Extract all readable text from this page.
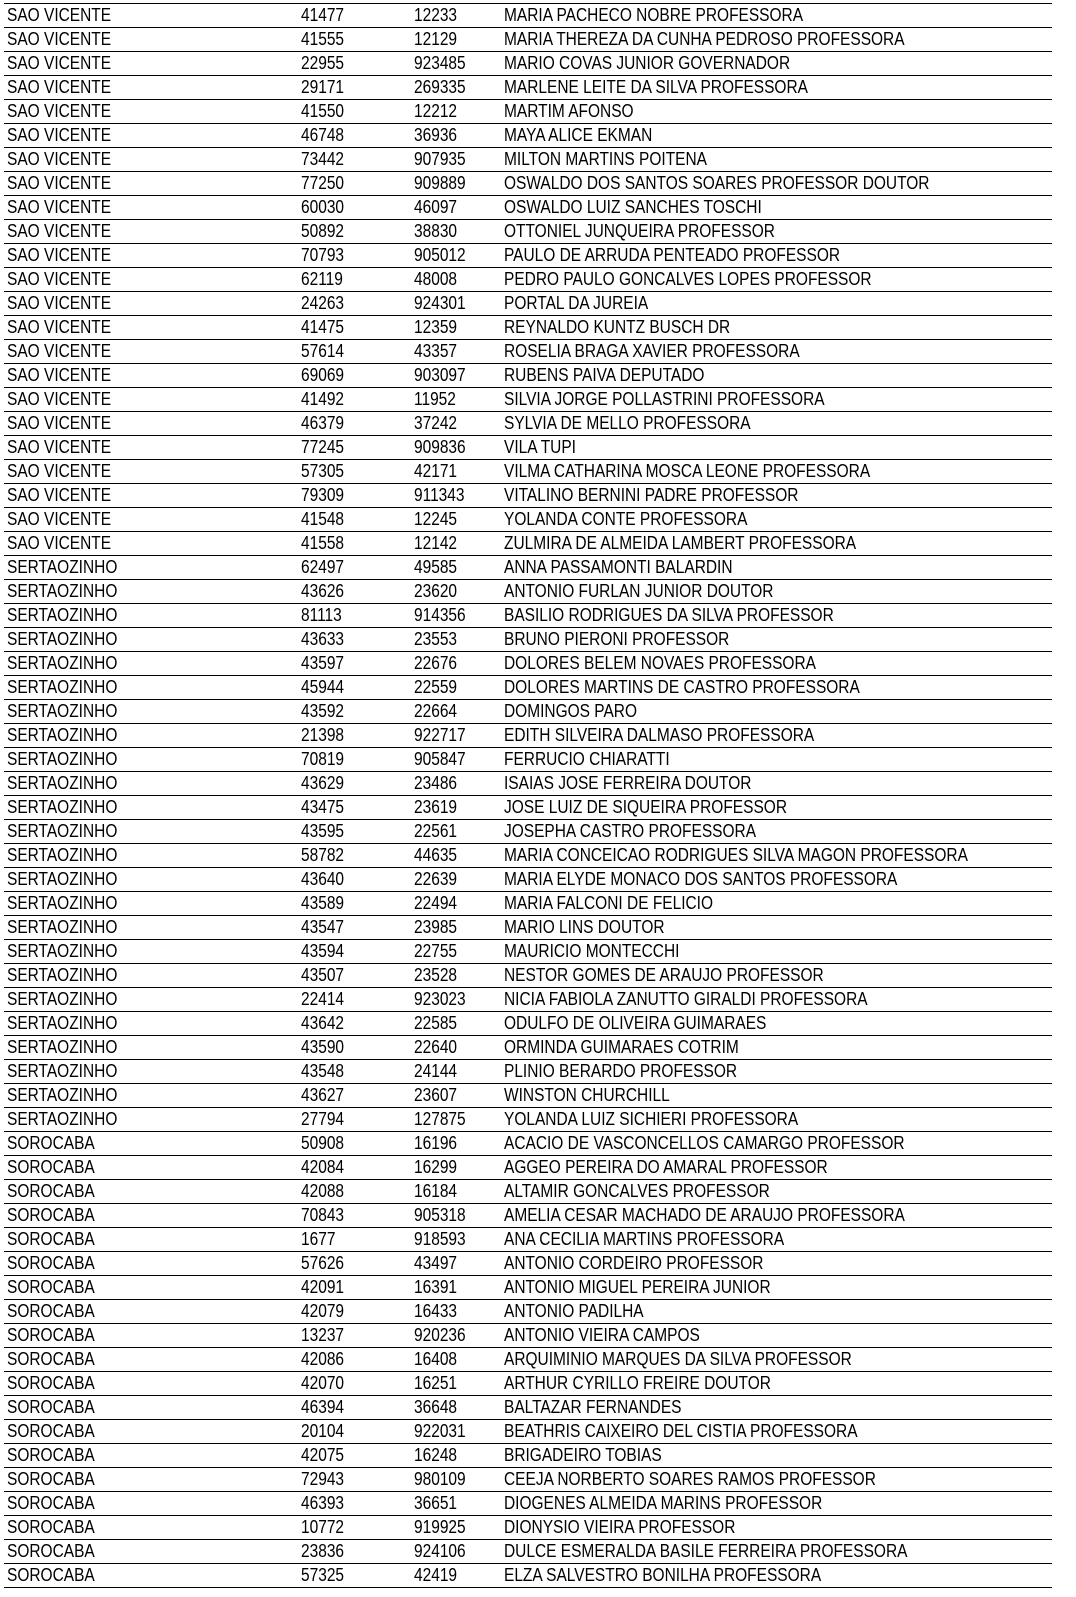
SAO VICENTE	41477	12233	MARIA PACHECO NOBRE PROFESSORA
SAO VICENTE	41555	12129	MARIA THEREZA DA CUNHA PEDROSO PROFESSORA
SAO VICENTE	22955	923485	MARIO COVAS JUNIOR GOVERNADOR
SAO VICENTE	29171	269335	MARLENE LEITE DA SILVA PROFESSORA
SAO VICENTE	41550	12212	MARTIM AFONSO
SAO VICENTE	46748	36936	MAYA ALICE EKMAN
SAO VICENTE	73442	907935	MILTON MARTINS POITENA
SAO VICENTE	77250	909889	OSWALDO DOS SANTOS SOARES PROFESSOR DOUTOR
SAO VICENTE	60030	46097	OSWALDO LUIZ SANCHES TOSCHI
SAO VICENTE	50892	38830	OTTONIEL JUNQUEIRA PROFESSOR
SAO VICENTE	70793	905012	PAULO DE ARRUDA PENTEADO PROFESSOR
SAO VICENTE	62119	48008	PEDRO PAULO GONCALVES LOPES PROFESSOR
SAO VICENTE	24263	924301	PORTAL DA JUREIA
SAO VICENTE	41475	12359	REYNALDO KUNTZ BUSCH DR
SAO VICENTE	57614	43357	ROSELIA BRAGA XAVIER PROFESSORA
SAO VICENTE	69069	903097	RUBENS PAIVA DEPUTADO
SAO VICENTE	41492	11952	SILVIA JORGE POLLASTRINI PROFESSORA
SAO VICENTE	46379	37242	SYLVIA DE MELLO PROFESSORA
SAO VICENTE	77245	909836	VILA TUPI
SAO VICENTE	57305	42171	VILMA CATHARINA MOSCA LEONE PROFESSORA
SAO VICENTE	79309	911343	VITALINO BERNINI PADRE PROFESSOR
SAO VICENTE	41548	12245	YOLANDA CONTE PROFESSORA
SAO VICENTE	41558	12142	ZULMIRA DE ALMEIDA LAMBERT PROFESSORA
SERTAOZINHO	62497	49585	ANNA PASSAMONTI BALARDIN
SERTAOZINHO	43626	23620	ANTONIO FURLAN JUNIOR DOUTOR
SERTAOZINHO	81113	914356	BASILIO RODRIGUES DA SILVA PROFESSOR
SERTAOZINHO	43633	23553	BRUNO PIERONI PROFESSOR
SERTAOZINHO	43597	22676	DOLORES BELEM NOVAES PROFESSORA
SERTAOZINHO	45944	22559	DOLORES MARTINS DE CASTRO PROFESSORA
SERTAOZINHO	43592	22664	DOMINGOS PARO
SERTAOZINHO	21398	922717	EDITH SILVEIRA DALMASO PROFESSORA
SERTAOZINHO	70819	905847	FERRUCIO CHIARATTI
SERTAOZINHO	43629	23486	ISAIAS JOSE FERREIRA DOUTOR
SERTAOZINHO	43475	23619	JOSE LUIZ DE SIQUEIRA PROFESSOR
SERTAOZINHO	43595	22561	JOSEPHA CASTRO PROFESSORA
SERTAOZINHO	58782	44635	MARIA CONCEICAO RODRIGUES SILVA MAGON PROFESSORA
SERTAOZINHO	43640	22639	MARIA ELYDE MONACO DOS SANTOS PROFESSORA
SERTAOZINHO	43589	22494	MARIA FALCONI DE FELICIO
SERTAOZINHO	43547	23985	MARIO LINS DOUTOR
SERTAOZINHO	43594	22755	MAURICIO MONTECCHI
SERTAOZINHO	43507	23528	NESTOR GOMES DE ARAUJO PROFESSOR
SERTAOZINHO	22414	923023	NICIA FABIOLA ZANUTTO GIRALDI PROFESSORA
SERTAOZINHO	43642	22585	ODULFO DE OLIVEIRA GUIMARAES
SERTAOZINHO	43590	22640	ORMINDA GUIMARAES COTRIM
SERTAOZINHO	43548	24144	PLINIO BERARDO PROFESSOR
SERTAOZINHO	43627	23607	WINSTON CHURCHILL
SERTAOZINHO	27794	127875	YOLANDA LUIZ SICHIERI PROFESSORA
SOROCABA	50908	16196	ACACIO DE VASCONCELLOS CAMARGO PROFESSOR
SOROCABA	42084	16299	AGGEO PEREIRA DO AMARAL PROFESSOR
SOROCABA	42088	16184	ALTAMIR GONCALVES PROFESSOR
SOROCABA	70843	905318	AMELIA CESAR MACHADO DE ARAUJO PROFESSORA
SOROCABA	1677	918593	ANA CECILIA MARTINS PROFESSORA
SOROCABA	57626	43497	ANTONIO CORDEIRO PROFESSOR
SOROCABA	42091	16391	ANTONIO MIGUEL PEREIRA JUNIOR
SOROCABA	42079	16433	ANTONIO PADILHA
SOROCABA	13237	920236	ANTONIO VIEIRA CAMPOS
SOROCABA	42086	16408	ARQUIMINIO MARQUES DA SILVA PROFESSOR
SOROCABA	42070	16251	ARTHUR CYRILLO FREIRE DOUTOR
SOROCABA	46394	36648	BALTAZAR FERNANDES
SOROCABA	20104	922031	BEATHRIS CAIXEIRO DEL CISTIA PROFESSORA
SOROCABA	42075	16248	BRIGADEIRO TOBIAS
SOROCABA	72943	980109	CEEJA NORBERTO SOARES RAMOS PROFESSOR
SOROCABA	46393	36651	DIOGENES ALMEIDA MARINS PROFESSOR
SOROCABA	10772	919925	DIONYSIO VIEIRA PROFESSOR
SOROCABA	23836	924106	DULCE ESMERALDA BASILE FERREIRA PROFESSORA
SOROCABA	57325	42419	ELZA SALVESTRO BONILHA PROFESSORA
